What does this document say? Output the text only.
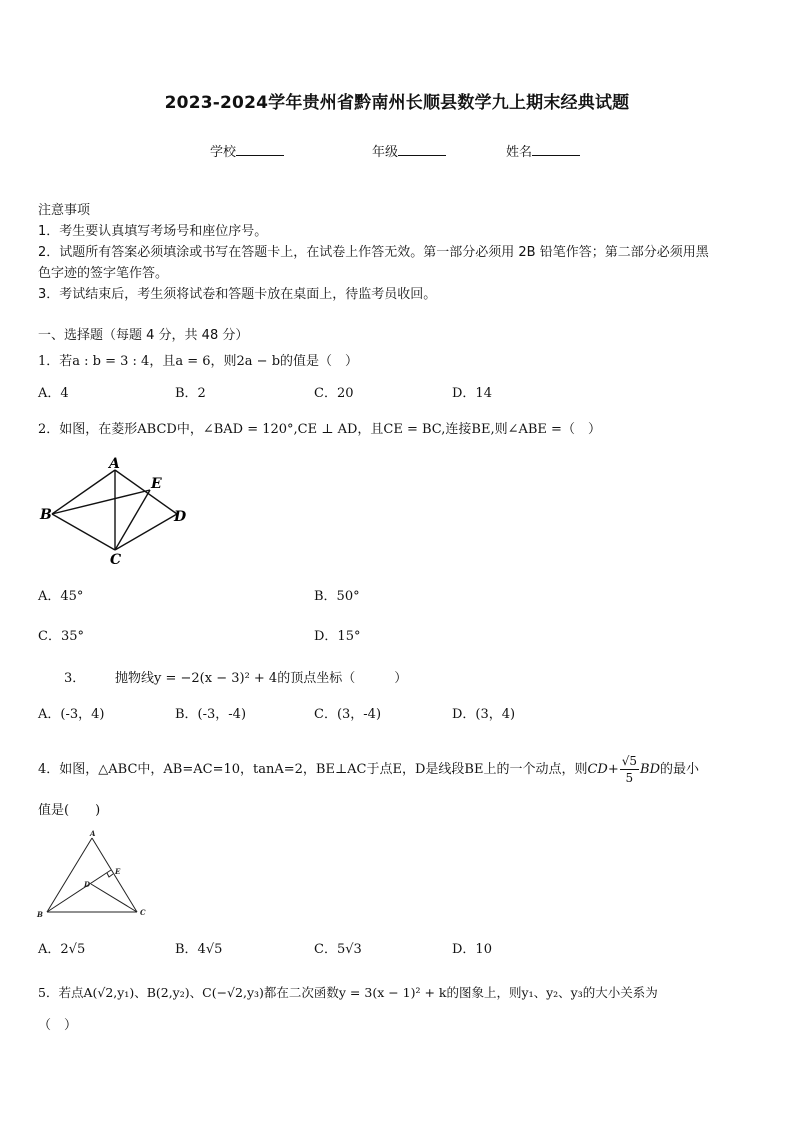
2023-2024学年贵州省黔南州长顺县数学九上期末经典试题
学校	年级	姓名
注意事项
1．考生要认真填写考场号和座位序号。
2．试题所有答案必须填涂或书写在答题卡上，在试卷上作答无效。第一部分必须用 2B 铅笔作答；第二部分必须用黑
色字迹的签字笔作答。
3．考试结束后，考生须将试卷和答题卡放在桌面上，待监考员收回。
一、选择题（每题 4 分，共 48 分）
1．若a : b = 3 : 4，且a = 6，则2a − b的值是（　）
A．4	B．2	C．20	D．14
2．如图，在菱形ABCD中，∠BAD = 120°,CE ⊥ AD，且CE = BC,连接BE,则∠ABE =（　）
A
B
C
D
E
A．45°	B．50°
C．35°	D．15°
3． 抛物线y = −2(x − 3)² + 4的顶点坐标（　　　）
A．(-3，4)	B．(-3，-4)	C．(3，-4)	D．(3，4)
4．如图，△ABC中，AB=AC=10，tanA=2，BE⊥AC于点E，D是线段BE上的一个动点，则$CD+ \frac{√5}{5}$ BD的最小
值是(　　)
A
B	C
D
E
A．2√5	B．4√5	C．5√3	D．10
5．若点A(√2,y₁)、B(2,y₂)、C(−√2,y₃)都在二次函数y = 3(x − 1)² + k的图象上，则y₁、y₂、y₃的大小关系为
（　）
